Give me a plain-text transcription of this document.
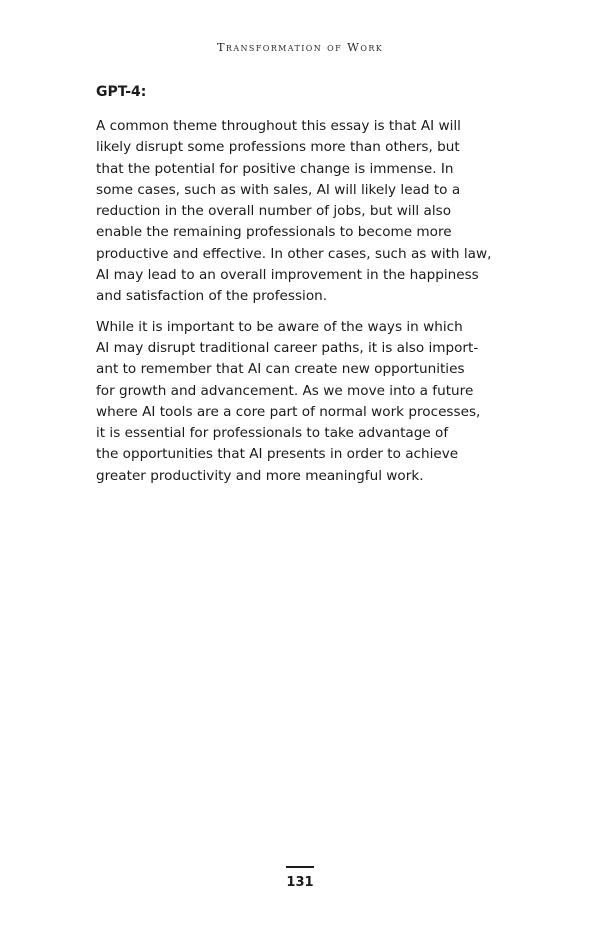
Transformation of Work
GPT-4:
A common theme throughout this essay is that AI will
likely disrupt some professions more than others, but
that the potential for positive change is immense. In
some cases, such as with sales, AI will likely lead to a
reduction in the overall number of jobs, but will also
enable the remaining professionals to become more
productive and effective. In other cases, such as with law,
AI may lead to an overall improvement in the happiness
and satisfaction of the profession.
While it is important to be aware of the ways in which
AI may disrupt traditional career paths, it is also import-
ant to remember that AI can create new opportunities
for growth and advancement. As we move into a future
where AI tools are a core part of normal work processes,
it is essential for professionals to take advantage of
the opportunities that AI presents in order to achieve
greater productivity and more meaningful work.
131
